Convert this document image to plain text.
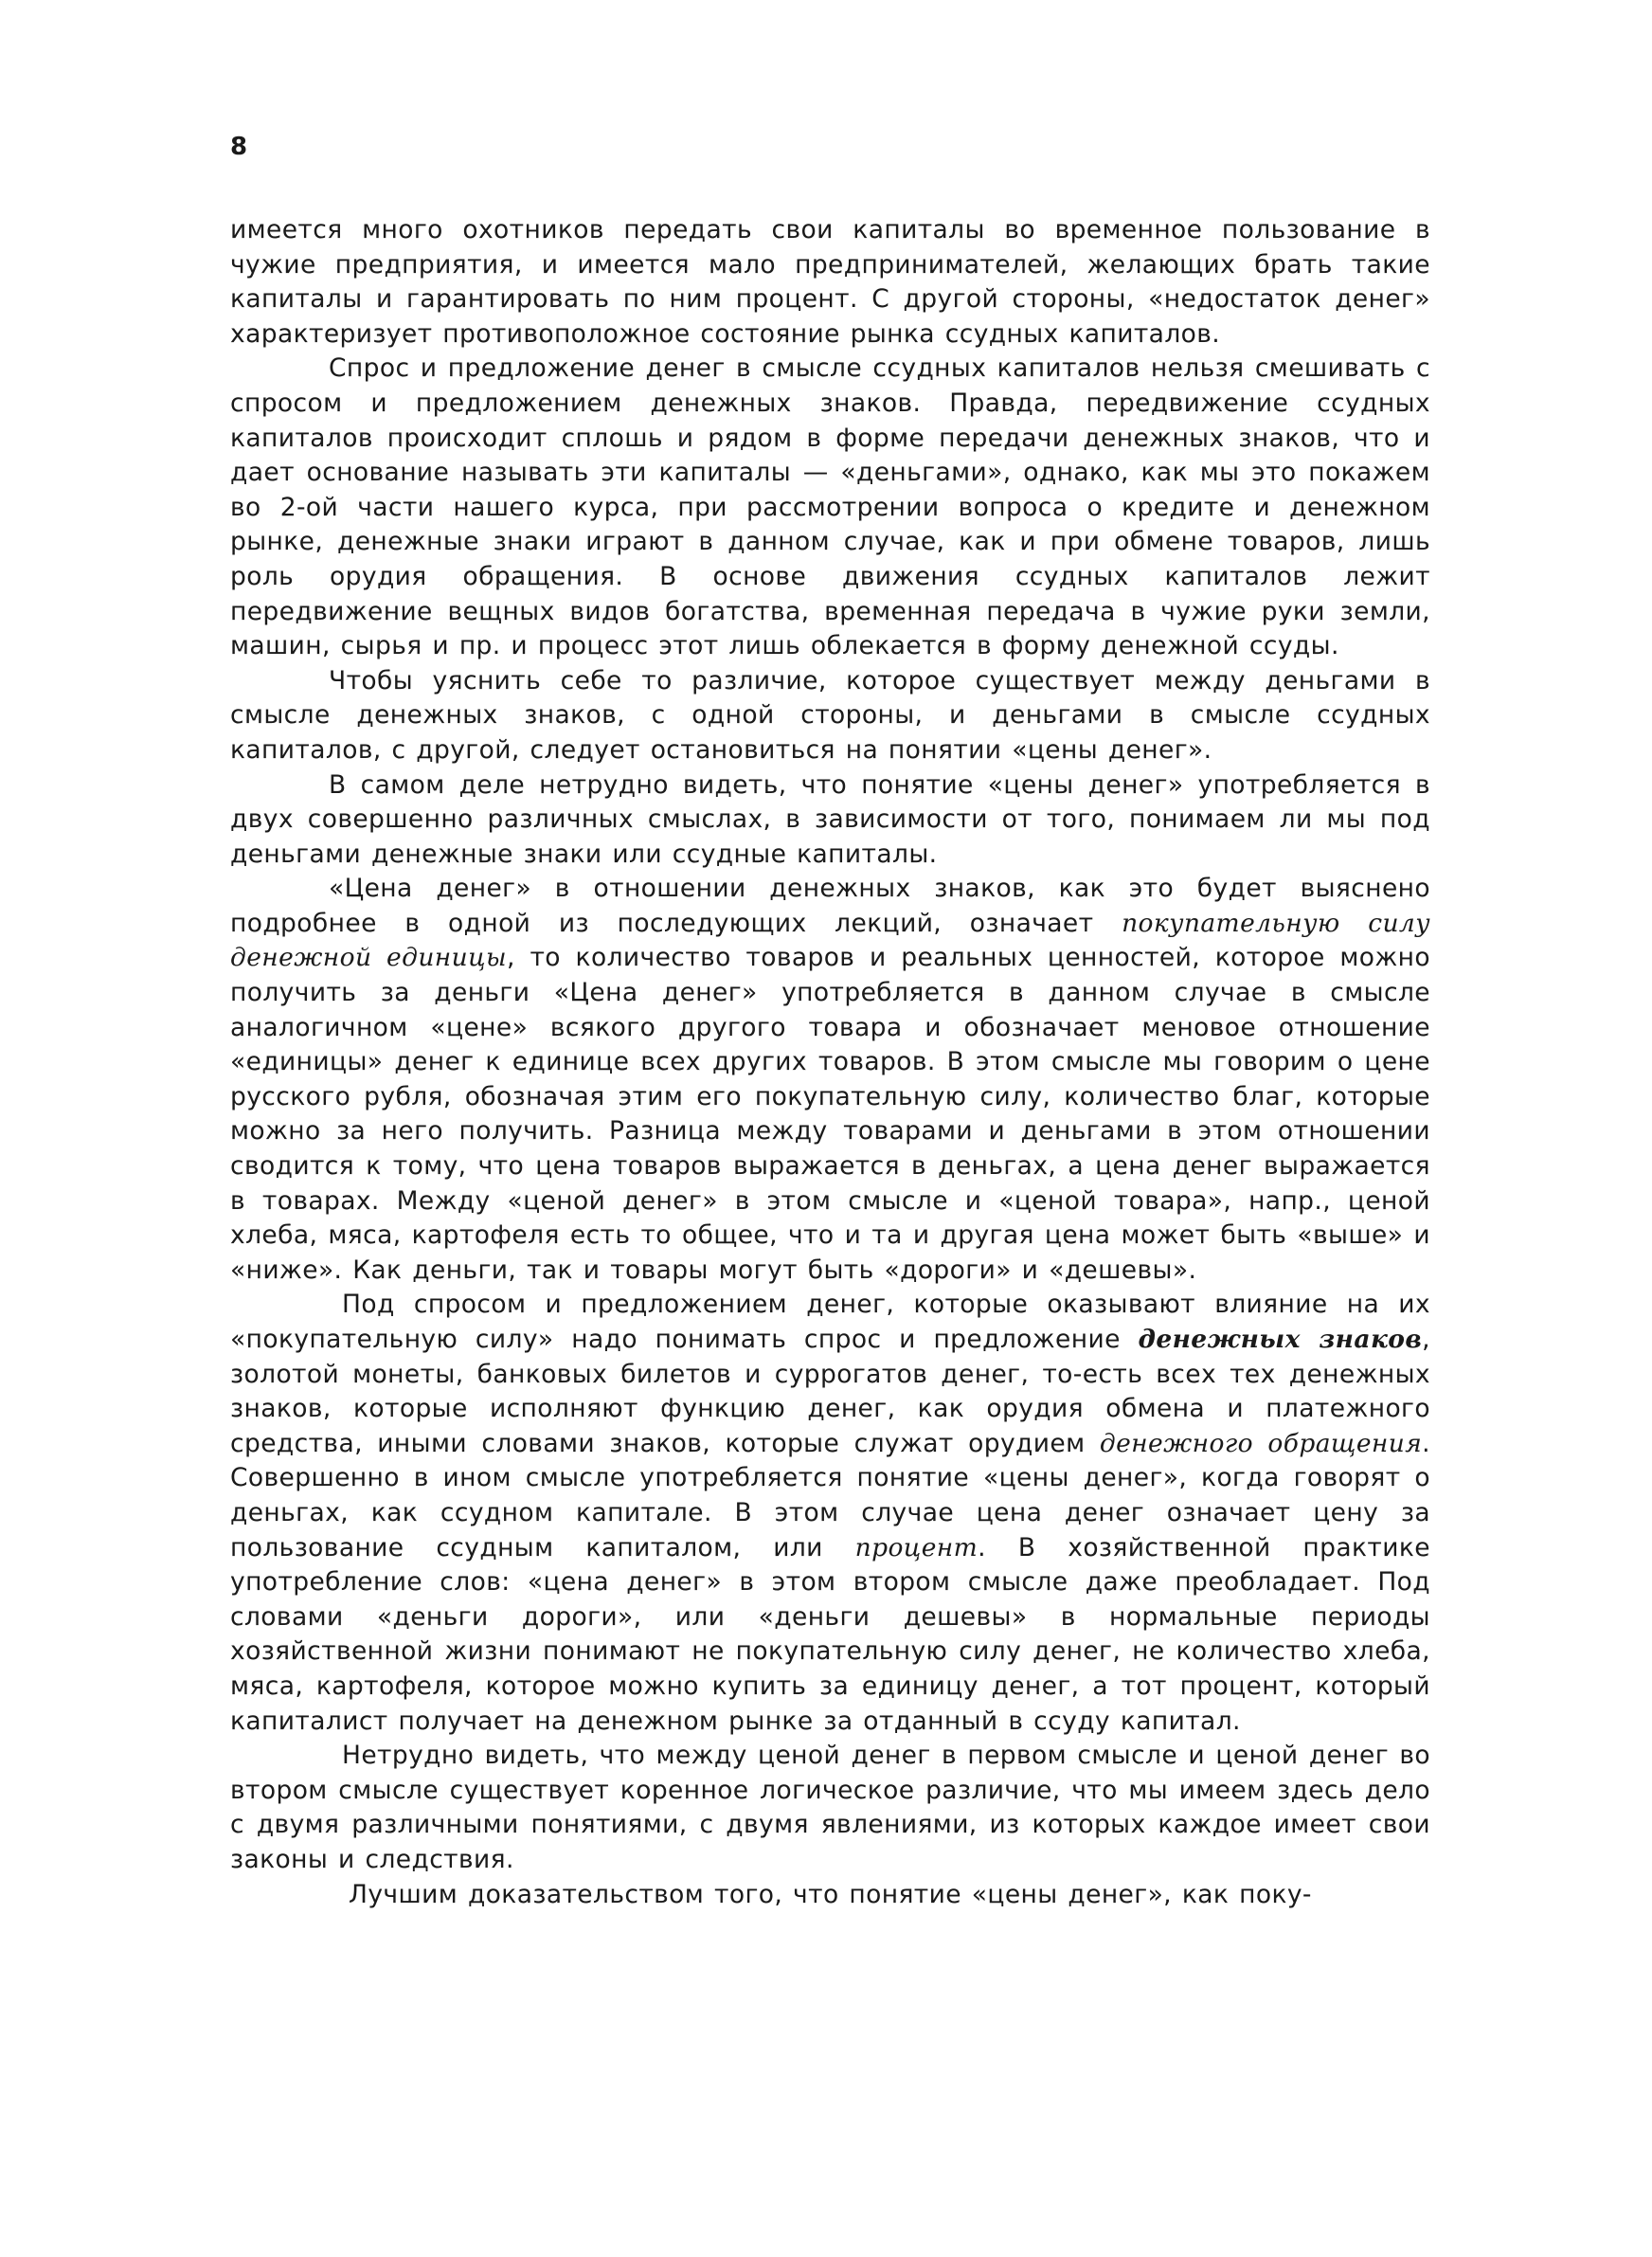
8

имеется много охотников передать свои капиталы во временное пользование в чужие предприятия, и имеется мало предпринимателей, желающих брать такие капиталы и гарантировать по ним процент. С другой стороны, «недостаток денег» характеризует противоположное состояние рынка ссудных капиталов.

Спрос и предложение денег в смысле ссудных капиталов нельзя смешивать с спросом и предложением денежных знаков. Правда, передвижение ссудных капиталов происходит сплошь и рядом в форме передачи денежных знаков, что и дает основание называть эти капиталы — «деньгами», однако, как мы это покажем во 2-ой части нашего курса, при рассмотрении вопроса о кредите и денежном рынке, денежные знаки играют в данном случае, как и при обмене товаров, лишь роль орудия обращения. В основе движения ссудных капиталов лежит передвижение вещных видов богатства, временная передача в чужие руки земли, машин, сырья и пр. и процесс этот лишь облекается в форму денежной ссуды.

Чтобы уяснить себе то различие, которое существует между деньгами в смысле денежных знаков, с одной стороны, и деньгами в смысле ссудных капиталов, с другой, следует остановиться на понятии «цены денег».

В самом деле нетрудно видеть, что понятие «цены денег» употребляется в двух совершенно различных смыслах, в зависимости от того, понимаем ли мы под деньгами денежные знаки или ссудные капиталы.

«Цена денег» в отношении денежных знаков, как это будет выяснено подробнее в одной из последующих лекций, означает покупательную силу денежной единицы, то количество товаров и реальных ценностей, которое можно получить за деньги «Цена денег» употребляется в данном случае в смысле аналогичном «цене» всякого другого товара и обозначает меновое отношение «единицы» денег к единице всех других товаров. В этом смысле мы говорим о цене русского рубля, обозначая этим его покупательную силу, количество благ, которые можно за него получить. Разница между товарами и деньгами в этом отношении сводится к тому, что цена товаров выражается в деньгах, а цена денег выражается в товарах. Между «ценой денег» в этом смысле и «ценой товара», напр., ценой хлеба, мяса, картофеля есть то общее, что и та и другая цена может быть «выше» и «ниже». Как деньги, так и товары могут быть «дороги» и «дешевы».

Под спросом и предложением денег, которые оказывают влияние на их «покупательную силу» надо понимать спрос и предложение денежных знаков, золотой монеты, банковых билетов и суррогатов денег, то-есть всех тех денежных знаков, которые исполняют функцию денег, как орудия обмена и платежного средства, иными словами знаков, которые служат орудием денежного обращения. Совершенно в ином смысле употребляется понятие «цены денег», когда говорят о деньгах, как ссудном капитале. В этом случае цена денег означает цену за пользование ссудным капиталом, или процент. В хозяйственной практике употребление слов: «цена денег» в этом втором смысле даже преобладает. Под словами «деньги дороги», или «деньги дешевы» в нормальные периоды хозяйственной жизни понимают не покупательную силу денег, не количество хлеба, мяса, картофеля, которое можно купить за единицу денег, а тот процент, который капиталист получает на денежном рынке за отданный в ссуду капитал.

Нетрудно видеть, что между ценой денег в первом смысле и ценой денег во втором смысле существует коренное логическое различие, что мы имеем здесь дело с двумя различными понятиями, с двумя явлениями, из которых каждое имеет свои законы и следствия.

Лучшим доказательством того, что понятие «цены денег», как поку-
